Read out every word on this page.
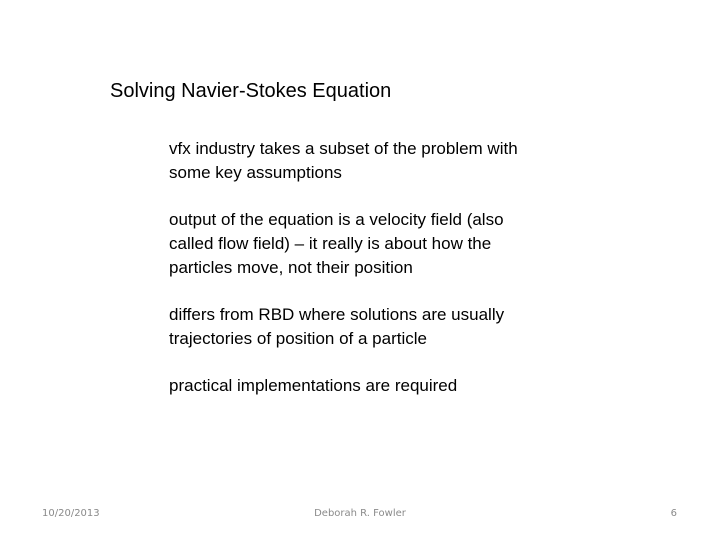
Solving Navier-Stokes Equation
vfx industry takes a subset of the problem with
some key assumptions
output of the equation is a velocity field (also
called flow field) – it really is about how the
particles move, not their position
differs from RBD where solutions are usually
trajectories of position of a particle
practical implementations are required
10/20/2013	Deborah R. Fowler	6
